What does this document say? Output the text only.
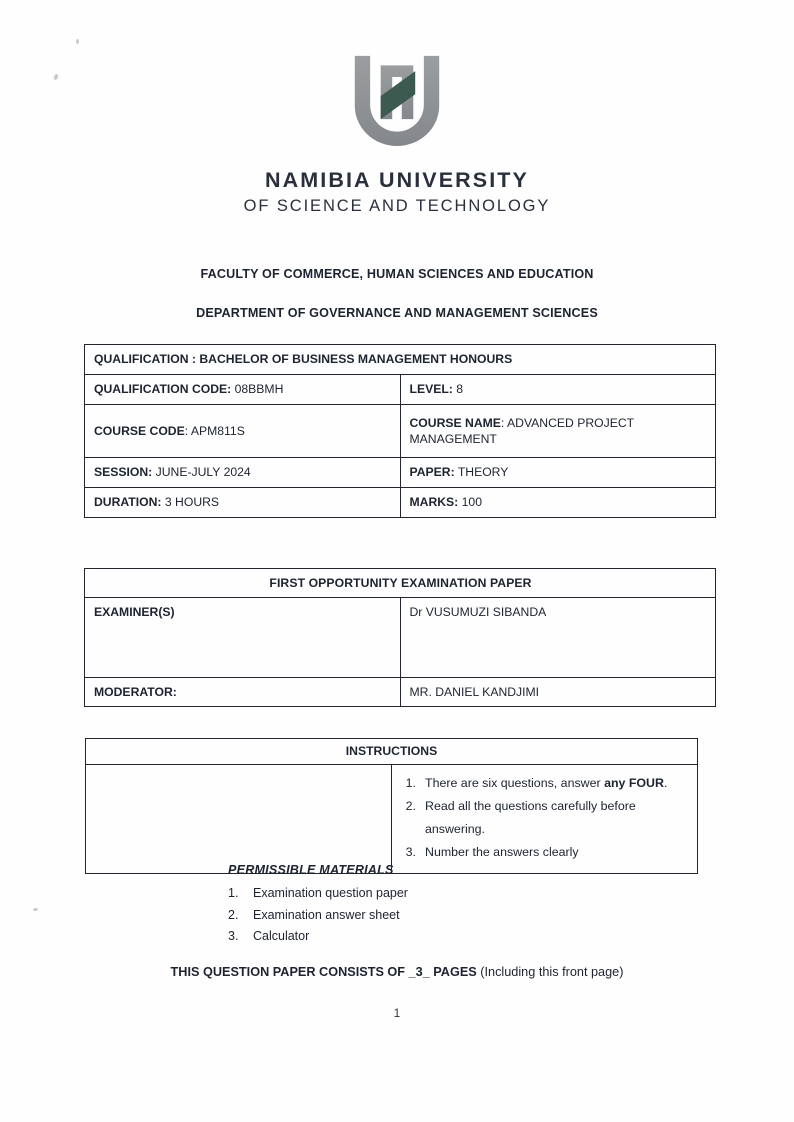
NAMIBIA UNIVERSITY
OF SCIENCE AND TECHNOLOGY
FACULTY OF COMMERCE, HUMAN SCIENCES AND EDUCATION
DEPARTMENT OF GOVERNANCE AND MANAGEMENT SCIENCES
QUALIFICATION : BACHELOR OF BUSINESS MANAGEMENT HONOURS	
QUALIFICATION CODE: 08BBMH	LEVEL: 8
COURSE CODE: APM811S	COURSE NAME: ADVANCED PROJECT MANAGEMENT
SESSION: JUNE-JULY 2024	PAPER: THEORY
DURATION: 3 HOURS	MARKS: 100
FIRST OPPORTUNITY EXAMINATION PAPER	
EXAMINER(S)	Dr VUSUMUZI SIBANDA
MODERATOR:	MR. DANIEL KANDJIMI
INSTRUCTIONS

1. There are six questions, answer any FOUR.
2. Read all the questions carefully before answering.
3. Number the answers clearly
PERMISSIBLE MATERIALS
1.	Examination question paper
2.	Examination answer sheet
3.	Calculator
THIS QUESTION PAPER CONSISTS OF _3_ PAGES (Including this front page)
1
